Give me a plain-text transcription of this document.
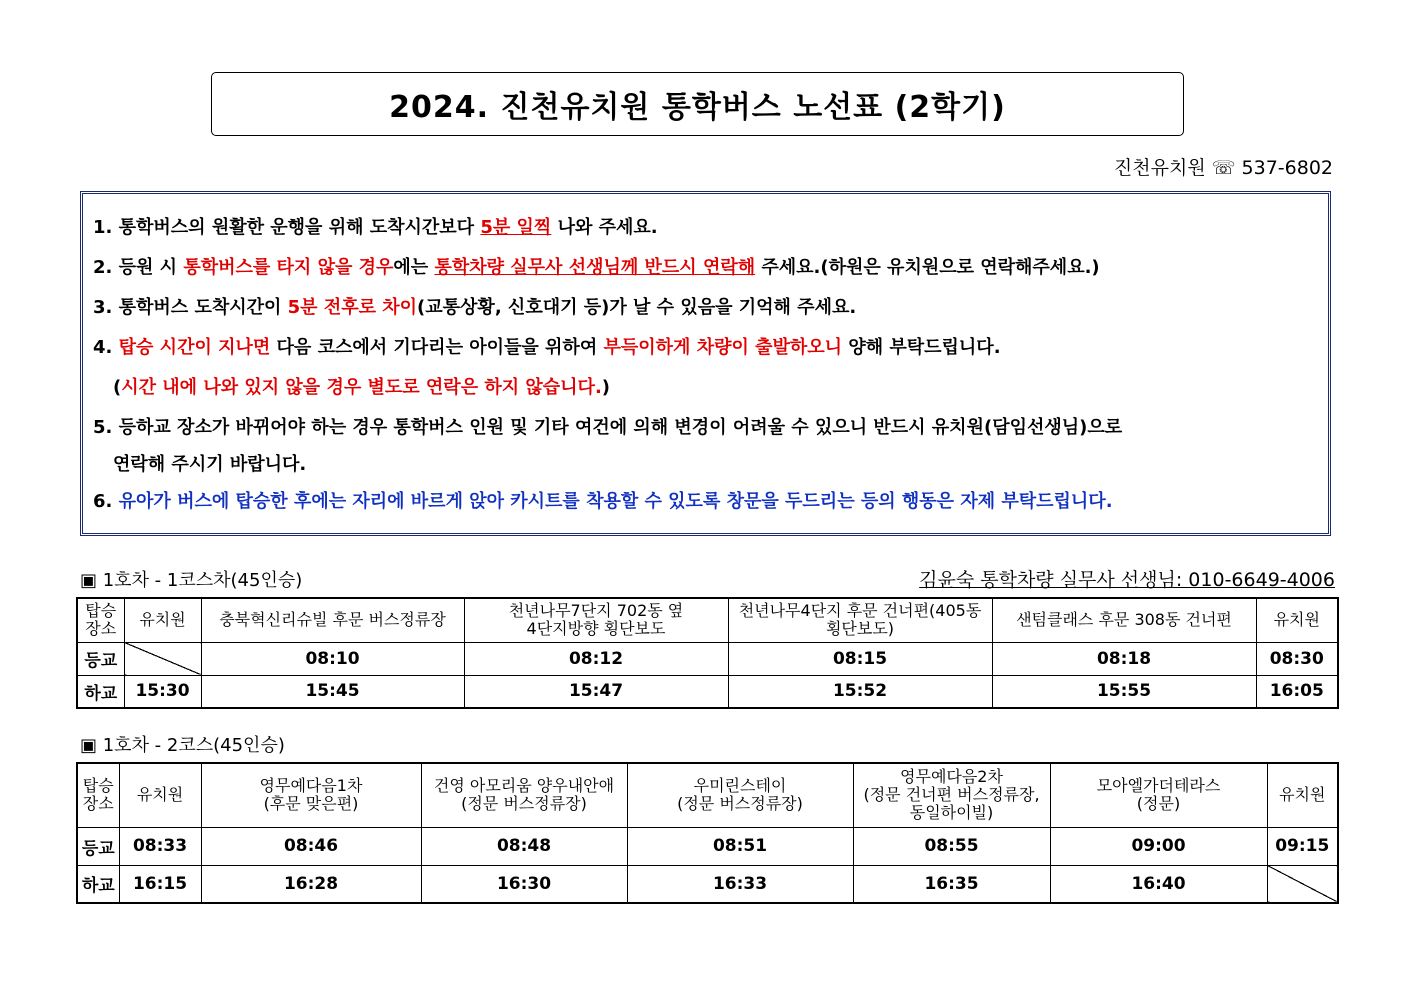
2024. 진천유치원 통학버스 노선표 (2학기)
진천유치원 ☏ 537-6802
1. 통학버스의 원활한 운행을 위해 도착시간보다 5분 일찍 나와 주세요.
2. 등원 시 통학버스를 타지 않을 경우에는 통학차량 실무사 선생님께 반드시 연락해 주세요.(하원은 유치원으로 연락해주세요.)
3. 통학버스 도착시간이 5분 전후로 차이(교통상황, 신호대기 등)가 날 수 있음을 기억해 주세요.
4. 탑승 시간이 지나면 다음 코스에서 기다리는 아이들을 위하여 부득이하게 차량이 출발하오니 양해 부탁드립니다.
(시간 내에 나와 있지 않을 경우 별도로 연락은 하지 않습니다.)
5. 등하교 장소가 바뀌어야 하는 경우 통학버스 인원 및 기타 여건에 의해 변경이 어려울 수 있으니 반드시 유치원(담임선생님)으로
연락해 주시기 바랍니다.
6. 유아가 버스에 탑승한 후에는 자리에 바르게 앉아 카시트를 착용할 수 있도록 창문을 두드리는 등의 행동은 자제 부탁드립니다.
▣ 1호차 - 1코스차(45인승)	김윤숙 통학차량 실무사 선생님: 010-6649-4006
탑승
장소	유치원	충북혁신리슈빌 후문 버스정류장	천년나무7단지 702동 옆
4단지방향 횡단보도	천년나무4단지 후문 건너편(405동
횡단보도)	샌텀클래스 후문 308동 건너편	유치원
등교		08:10	08:12	08:15	08:18	08:30
하교	15:30	15:45	15:47	15:52	15:55	16:05
▣ 1호차 - 2코스(45인승)
탑승
장소	유치원	영무예다음1차
(후문 맞은편)	건영 아모리움 양우내안애
(정문 버스정류장)	우미린스테이
(정문 버스정류장)	영무예다음2차
(정문 건너편 버스정류장,
동일하이빌)	모아엘가더테라스
(정문)	유치원
등교	08:33	08:46	08:48	08:51	08:55	09:00	09:15
하교	16:15	16:28	16:30	16:33	16:35	16:40	
